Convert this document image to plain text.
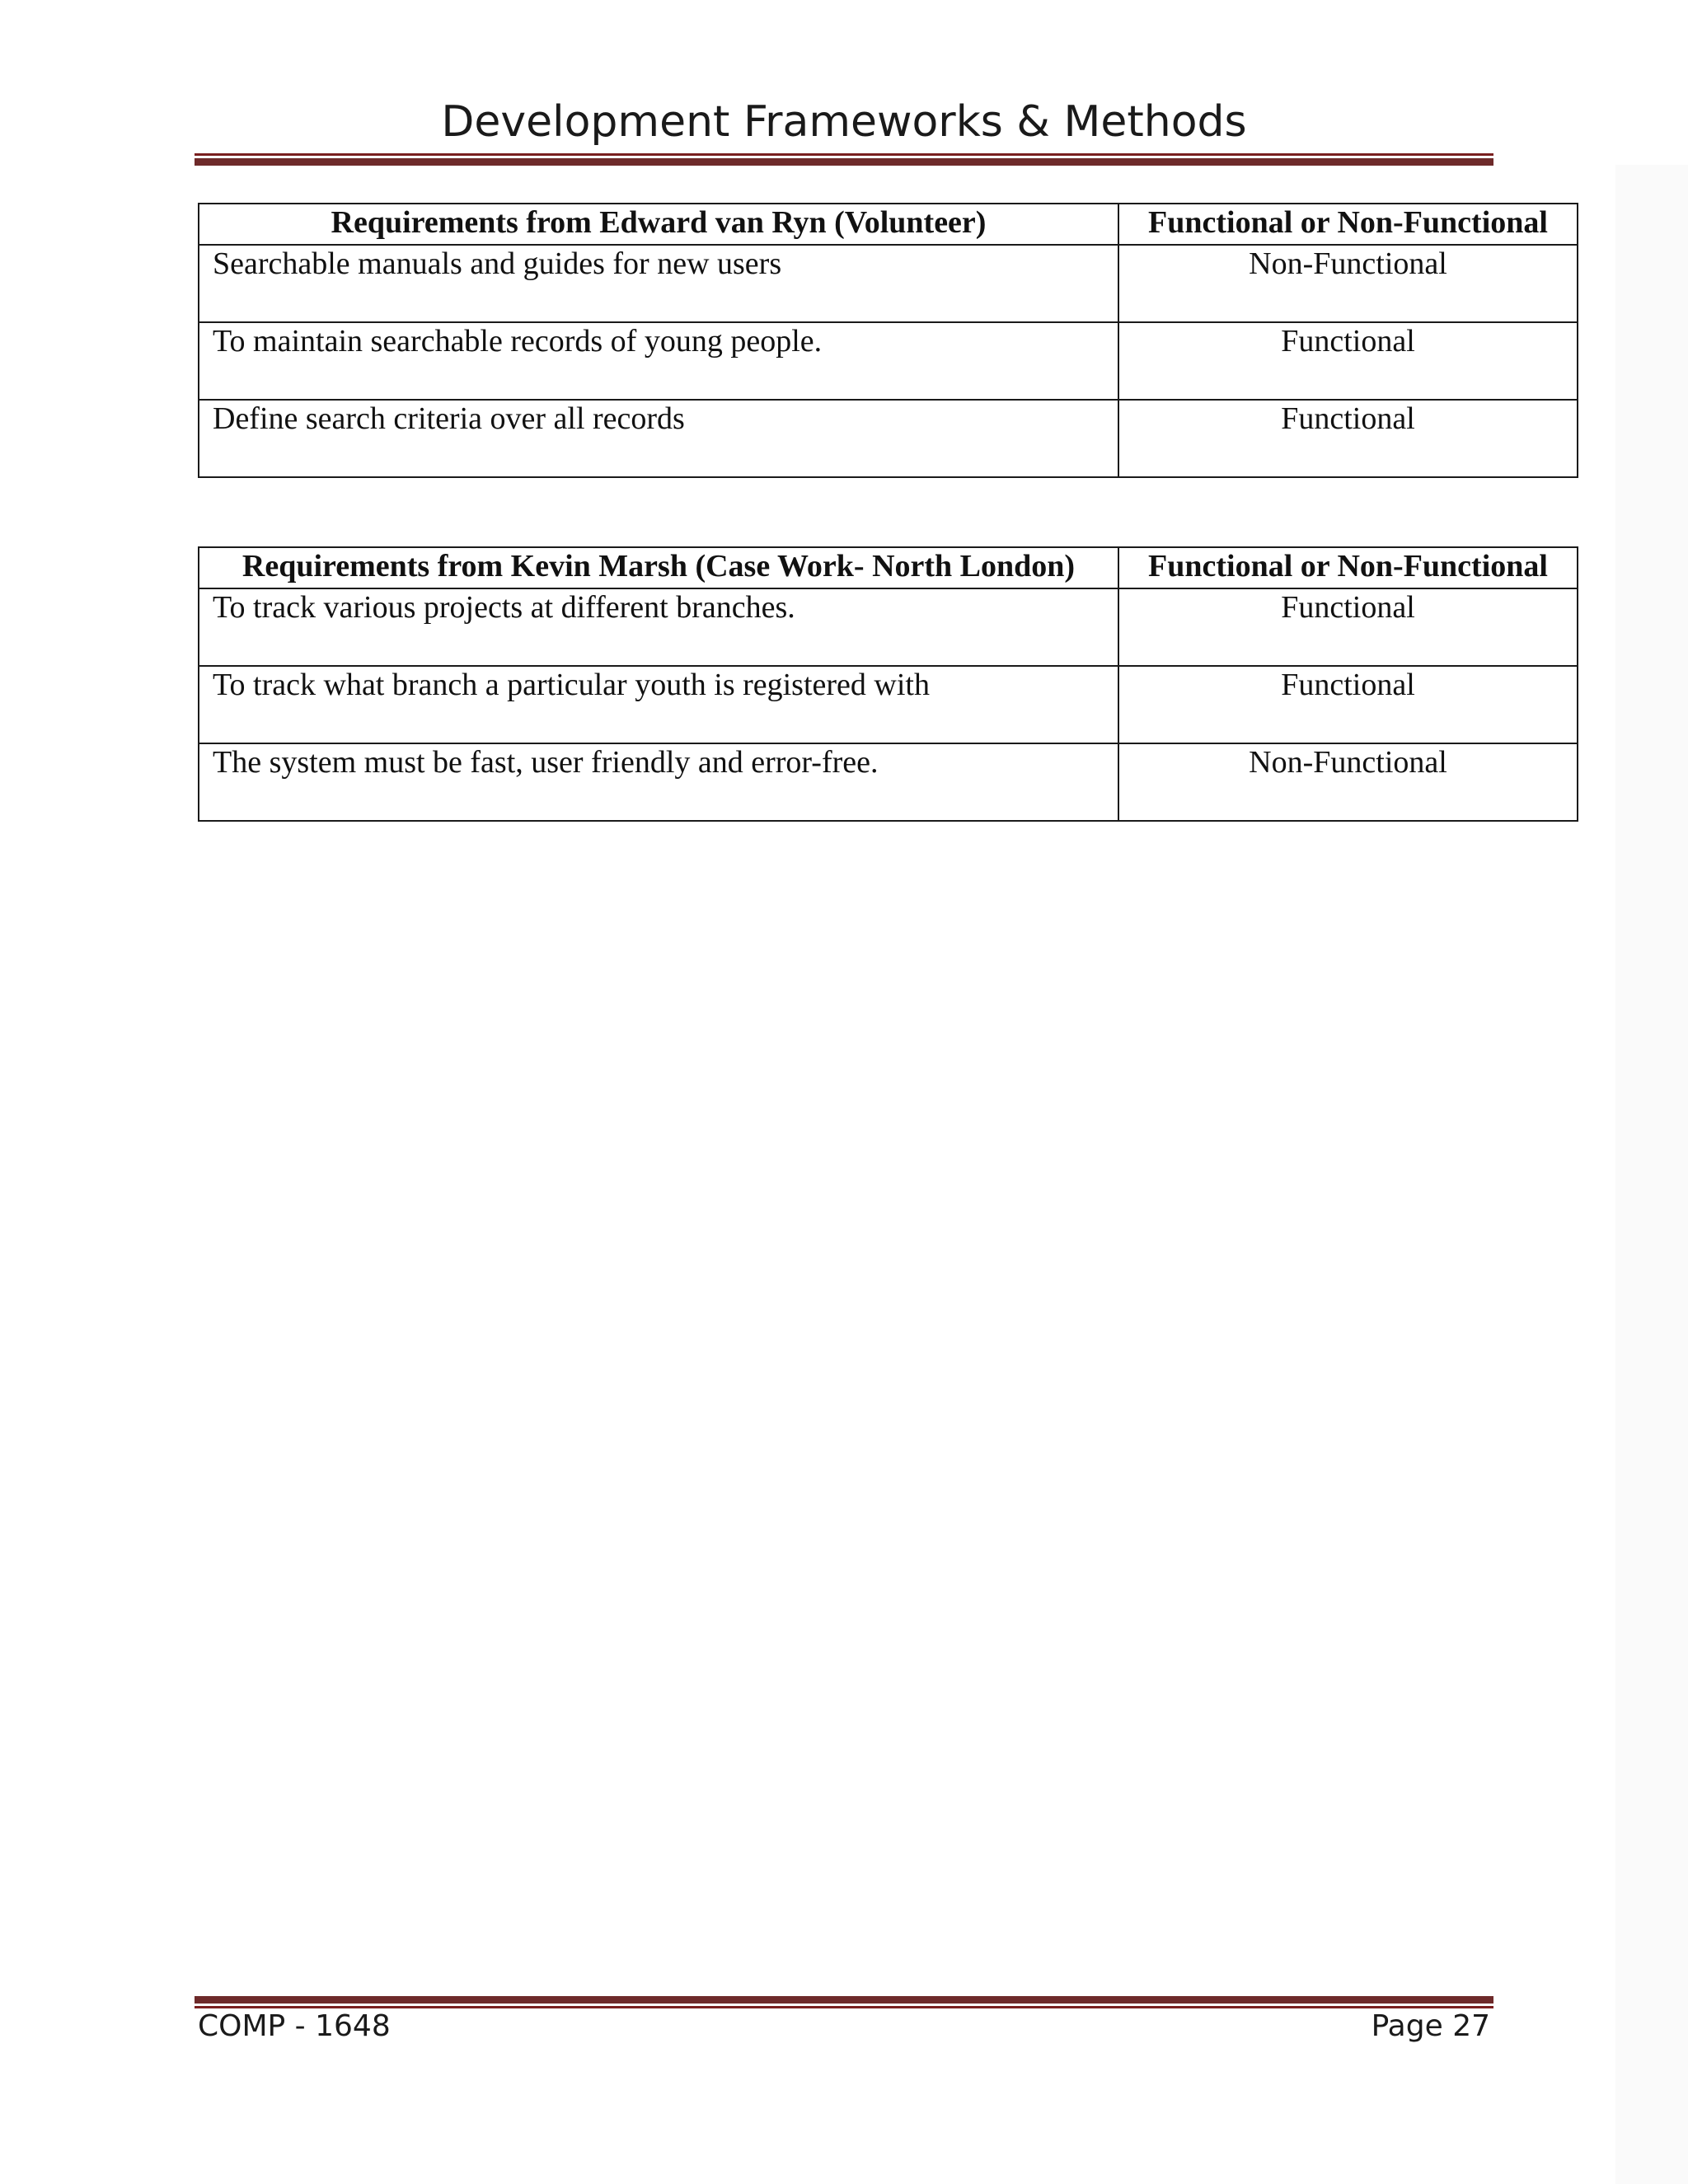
Development Frameworks & Methods
Requirements from Edward van Ryn (Volunteer)	Functional or Non-Functional
Searchable manuals and guides for new users	Non-Functional
To maintain searchable records of young people.	Functional
Define search criteria over all records	Functional
Requirements from Kevin Marsh (Case Work- North London)	Functional or Non-Functional
To track various projects at different branches.	Functional
To track what branch a particular youth is registered with	Functional
The system must be fast, user friendly and error-free.	Non-Functional
COMP - 1648	Page 27
